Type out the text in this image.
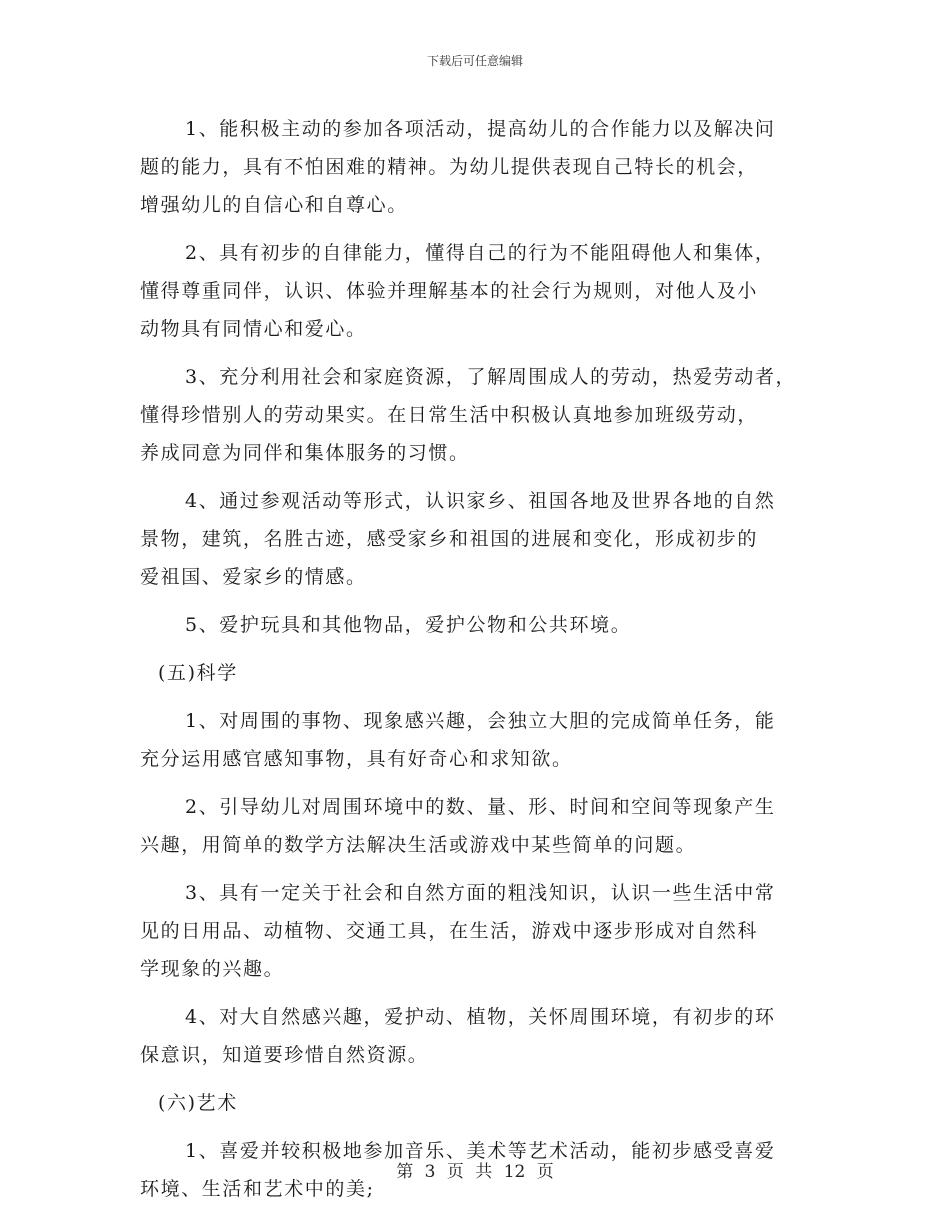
下载后可任意编辑
1、能积极主动的参加各项活动，提高幼儿的合作能力以及解决问
题的能力，具有不怕困难的精神。为幼儿提供表现自己特长的机会，
增强幼儿的自信心和自尊心。
2、具有初步的自律能力，懂得自己的行为不能阻碍他人和集体，
懂得尊重同伴，认识、体验并理解基本的社会行为规则，对他人及小
动物具有同情心和爱心。
3、充分利用社会和家庭资源，了解周围成人的劳动，热爱劳动者，
懂得珍惜别人的劳动果实。在日常生活中积极认真地参加班级劳动，
养成同意为同伴和集体服务的习惯。
4、通过参观活动等形式，认识家乡、祖国各地及世界各地的自然
景物，建筑，名胜古迹，感受家乡和祖国的进展和变化，形成初步的
爱祖国、爱家乡的情感。
5、爱护玩具和其他物品，爱护公物和公共环境。
(五)科学
1、对周围的事物、现象感兴趣，会独立大胆的完成简单任务，能
充分运用感官感知事物，具有好奇心和求知欲。
2、引导幼儿对周围环境中的数、量、形、时间和空间等现象产生
兴趣，用简单的数学方法解决生活或游戏中某些简单的问题。
3、具有一定关于社会和自然方面的粗浅知识，认识一些生活中常
见的日用品、动植物、交通工具，在生活，游戏中逐步形成对自然科
学现象的兴趣。
4、对大自然感兴趣，爱护动、植物，关怀周围环境，有初步的环
保意识，知道要珍惜自然资源。
(六)艺术
1、喜爱并较积极地参加音乐、美术等艺术活动，能初步感受喜爱
环境、生活和艺术中的美;
第 3 页 共 12 页
